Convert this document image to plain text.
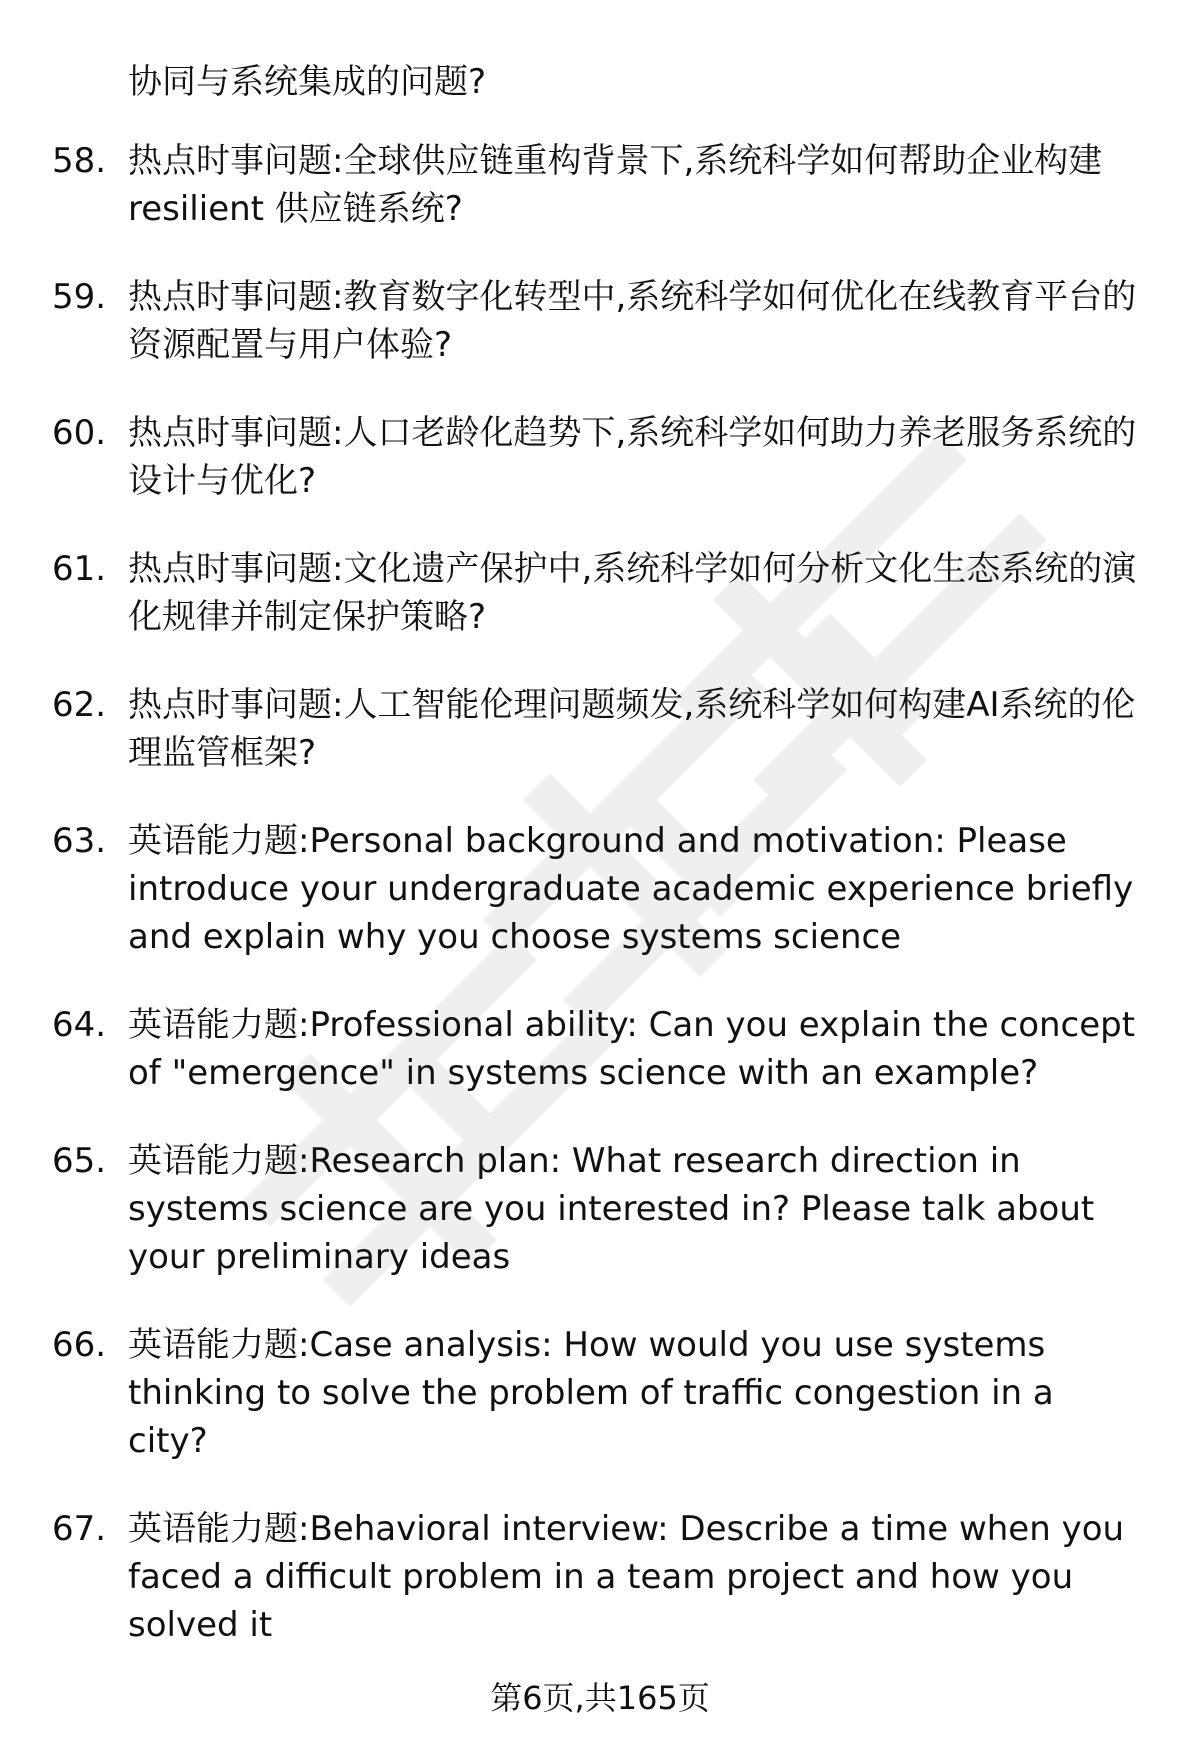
协同与系统集成的问题?
58. 热点时事问题:全球供应链重构背景下,系统科学如何帮助企业构建 resilient 供应链系统?
59. 热点时事问题:教育数字化转型中,系统科学如何优化在线教育平台的资源配置与用户体验?
60. 热点时事问题:人口老龄化趋势下,系统科学如何助力养老服务系统的设计与优化?
61. 热点时事问题:文化遗产保护中,系统科学如何分析文化生态系统的演化规律并制定保护策略?
62. 热点时事问题:人工智能伦理问题频发,系统科学如何构建AI系统的伦理监管框架?
63. 英语能力题:Personal background and motivation: Please introduce your undergraduate academic experience briefly and explain why you choose systems science
64. 英语能力题:Professional ability: Can you explain the concept of "emergence" in systems science with an example?
65. 英语能力题:Research plan: What research direction in systems science are you interested in? Please talk about your preliminary ideas
66. 英语能力题:Case analysis: How would you use systems thinking to solve the problem of traffic congestion in a city?
67. 英语能力题:Behavioral interview: Describe a time when you faced a difficult problem in a team project and how you solved it
第6页,共165页
